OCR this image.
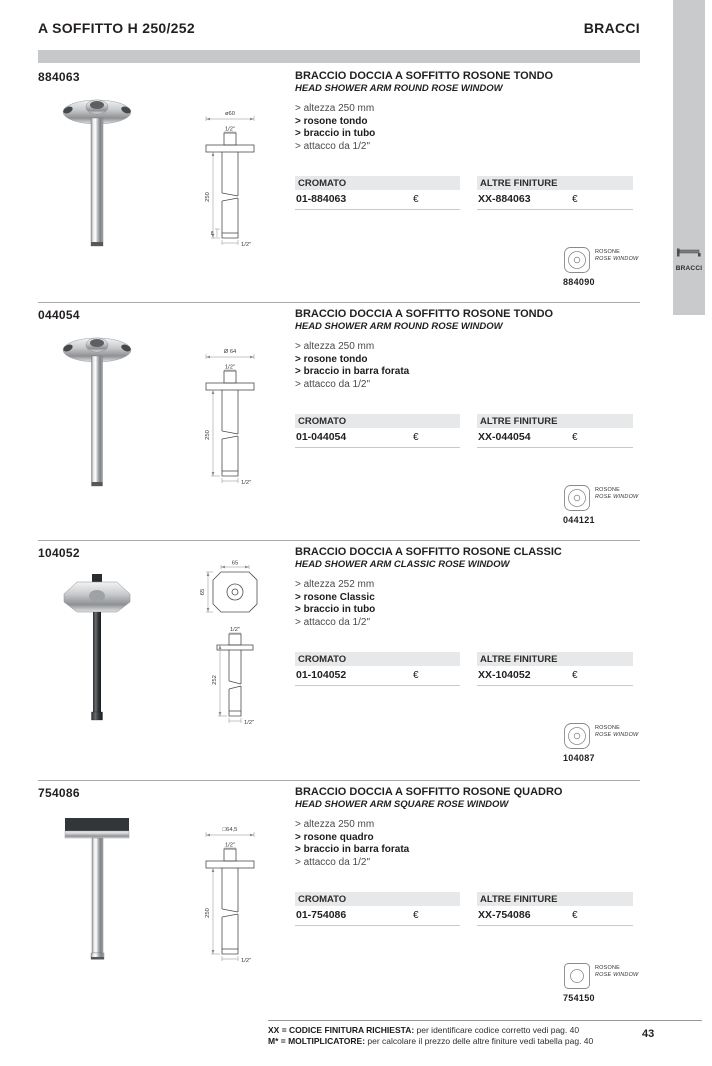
A SOFFITTO H 250/252	BRACCI
BRACCI
884063
ø60
1/2"
250
8
1/2"
BRACCIO DOCCIA A SOFFITTO ROSONE TONDO
HEAD SHOWER ARM ROUND ROSE WINDOW
> altezza 250 mm
> rosone tondo
> braccio in tubo
> attacco da 1/2"
CROMATO
01-884063	€
ALTRE FINITURE
XX-884063	€
ROSONE
ROSE WINDOW
884090
044054
Ø 64
1/2"
250
1/2"
BRACCIO DOCCIA A SOFFITTO ROSONE TONDO
HEAD SHOWER ARM ROUND ROSE WINDOW
> altezza 250 mm
> rosone tondo
> braccio in barra forata
> attacco da 1/2"
CROMATO
01-044054	€
ALTRE FINITURE
XX-044054	€
ROSONE
ROSE WINDOW
044121
104052
65
65
1/2"
252
1/2"
BRACCIO DOCCIA A SOFFITTO ROSONE CLASSIC
HEAD SHOWER ARM CLASSIC ROSE WINDOW
> altezza 252 mm
> rosone Classic
> braccio in tubo
> attacco da 1/2"
CROMATO
01-104052	€
ALTRE FINITURE
XX-104052	€
ROSONE
ROSE WINDOW
104087
754086
□64,5
1/2"
250
1/2"
BRACCIO DOCCIA A SOFFITTO ROSONE QUADRO
HEAD SHOWER ARM SQUARE ROSE WINDOW
> altezza 250 mm
> rosone quadro
> braccio in barra forata
> attacco da 1/2"
CROMATO
01-754086	€
ALTRE FINITURE
XX-754086	€
ROSONE
ROSE WINDOW
754150
XX = CODICE FINITURA RICHIESTA: per identificare codice corretto vedi pag. 40
M* = MOLTIPLICATORE: per calcolare il prezzo delle altre finiture vedi tabella pag. 40
43
